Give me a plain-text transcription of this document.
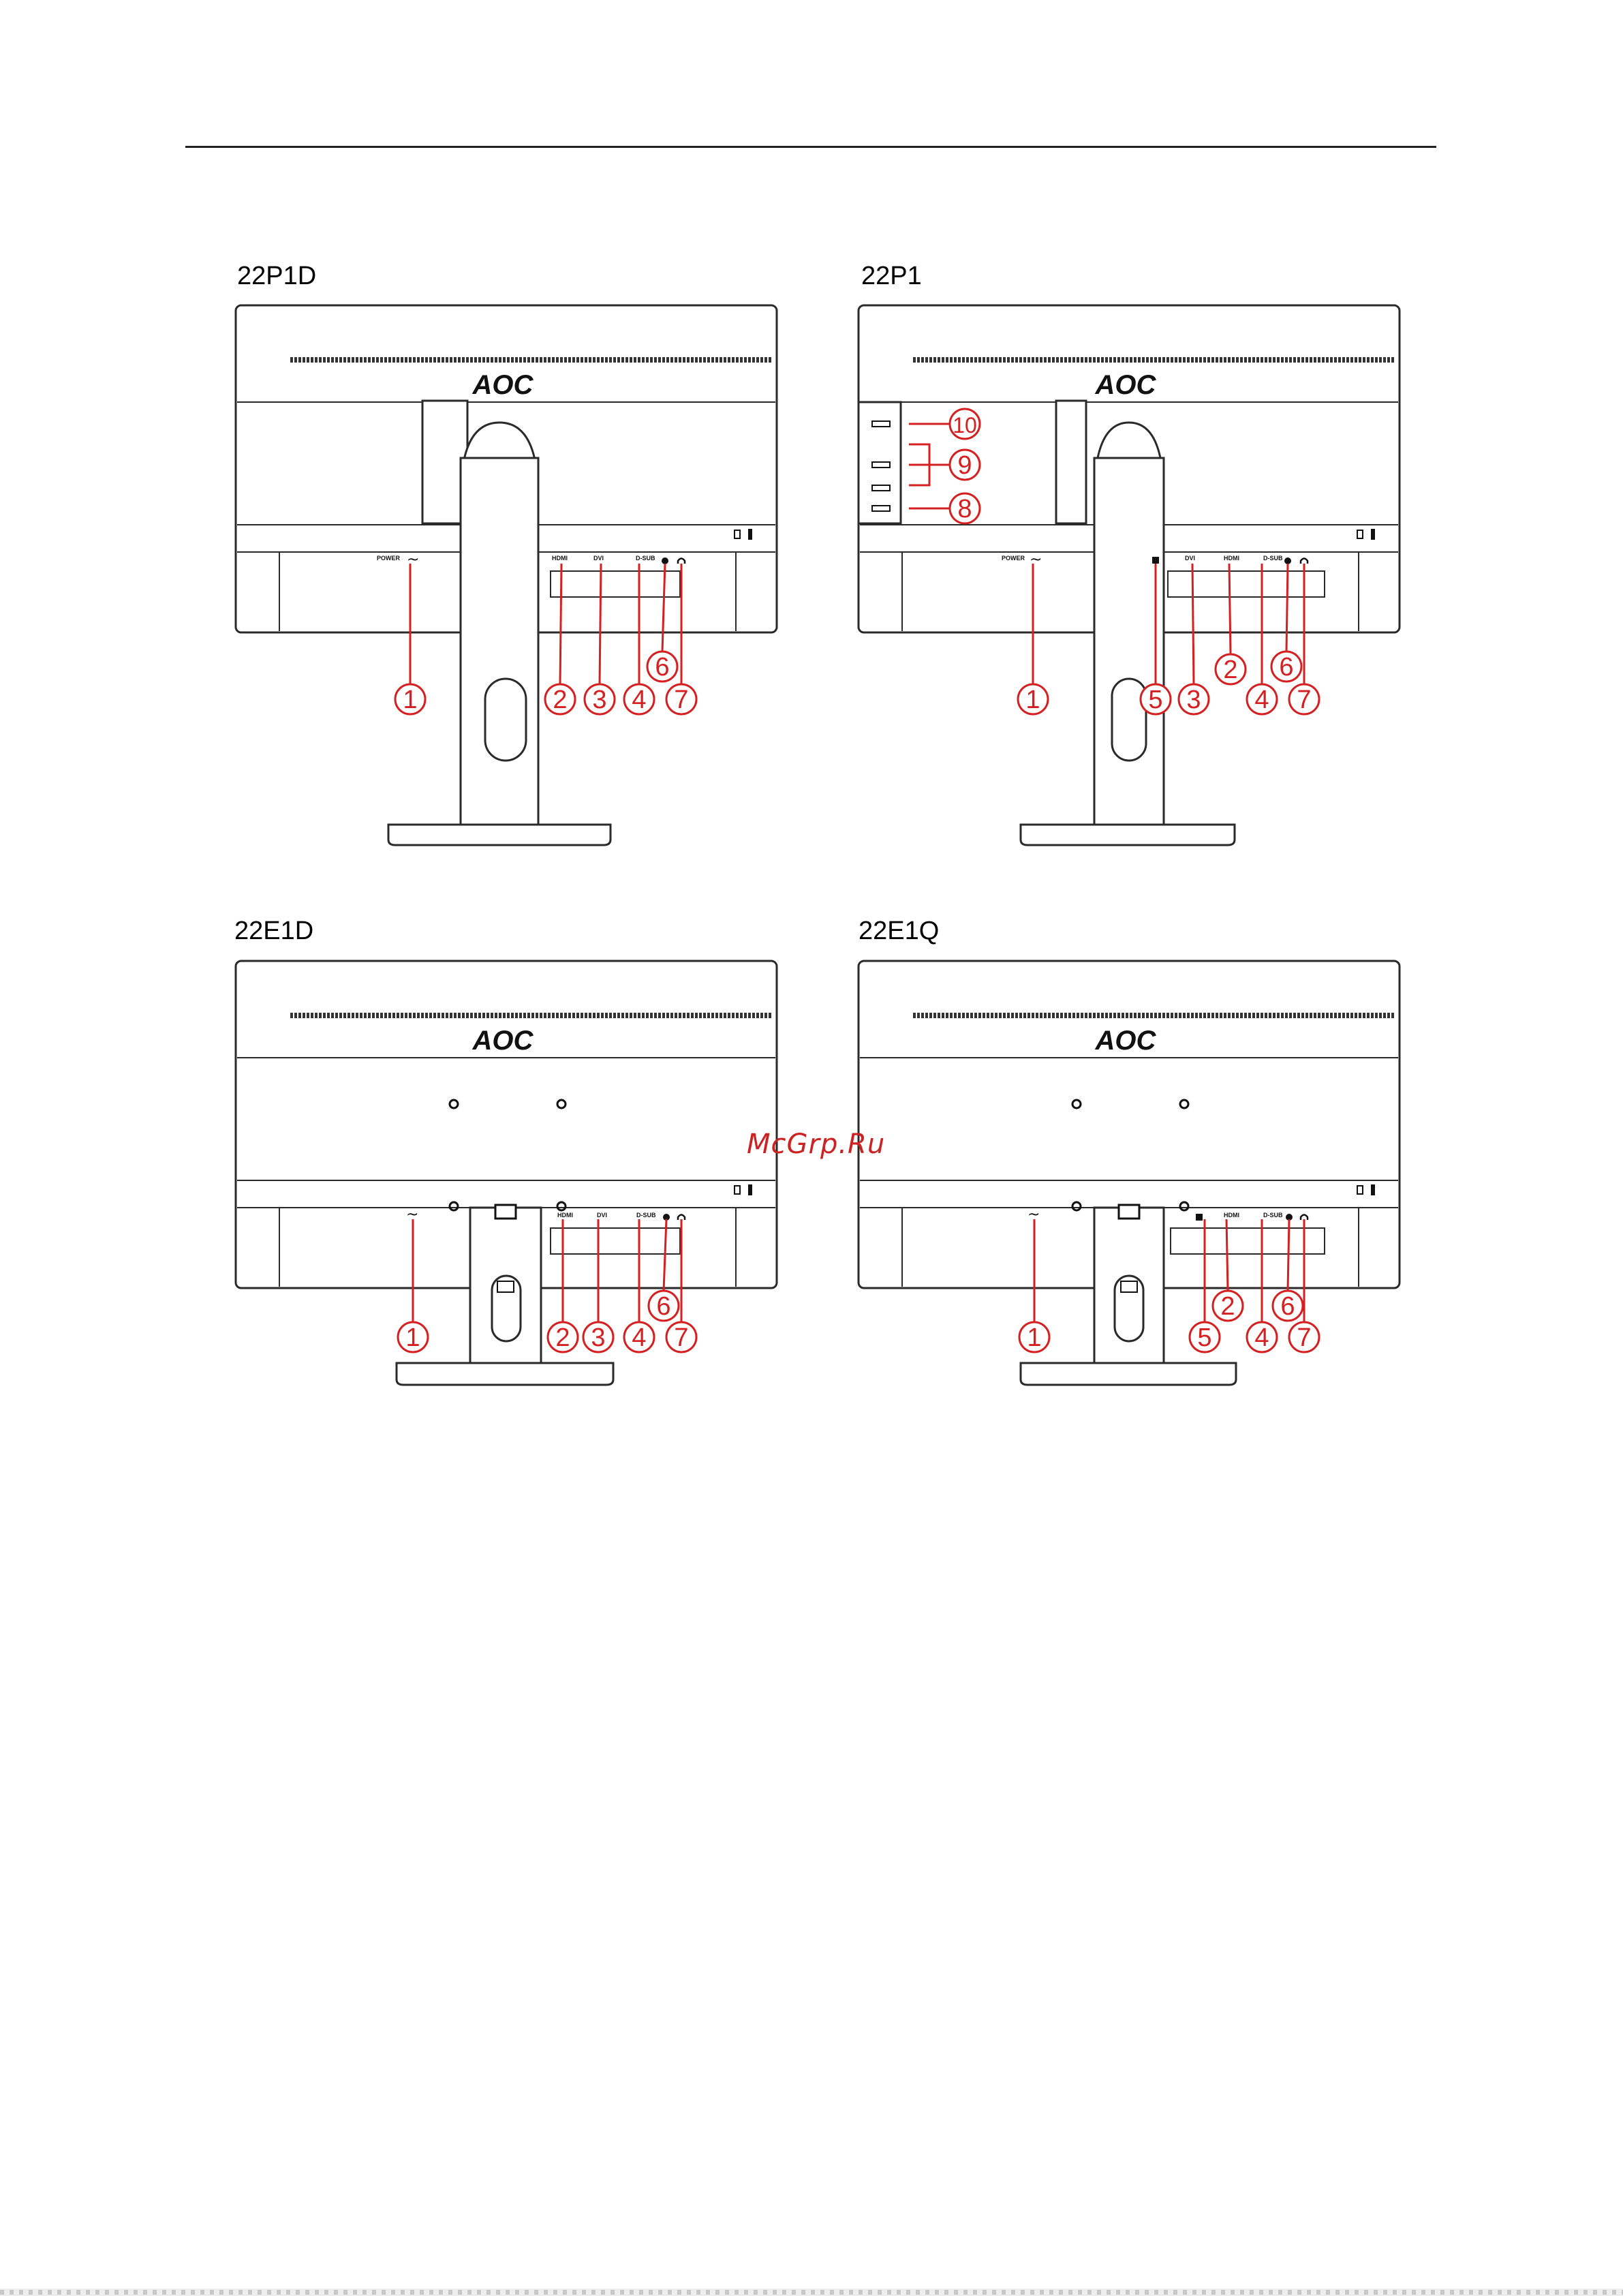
22P1D	22P1
22E1D	22E1Q
AOC
POWER	HDMI	DVI	D-SUB
~
1	2 3 4
6
7
AOC
POWER	DVI	HDMI	D-SUB
~
1	5 3
2
4
6
7
8
9
10
AOC
HDMI	DVI	D-SUB
~
1	2 3 4
6
7
AOC
HDMI	D-SUB
~
1	5
2
4
6
7
McGrp.Ru
